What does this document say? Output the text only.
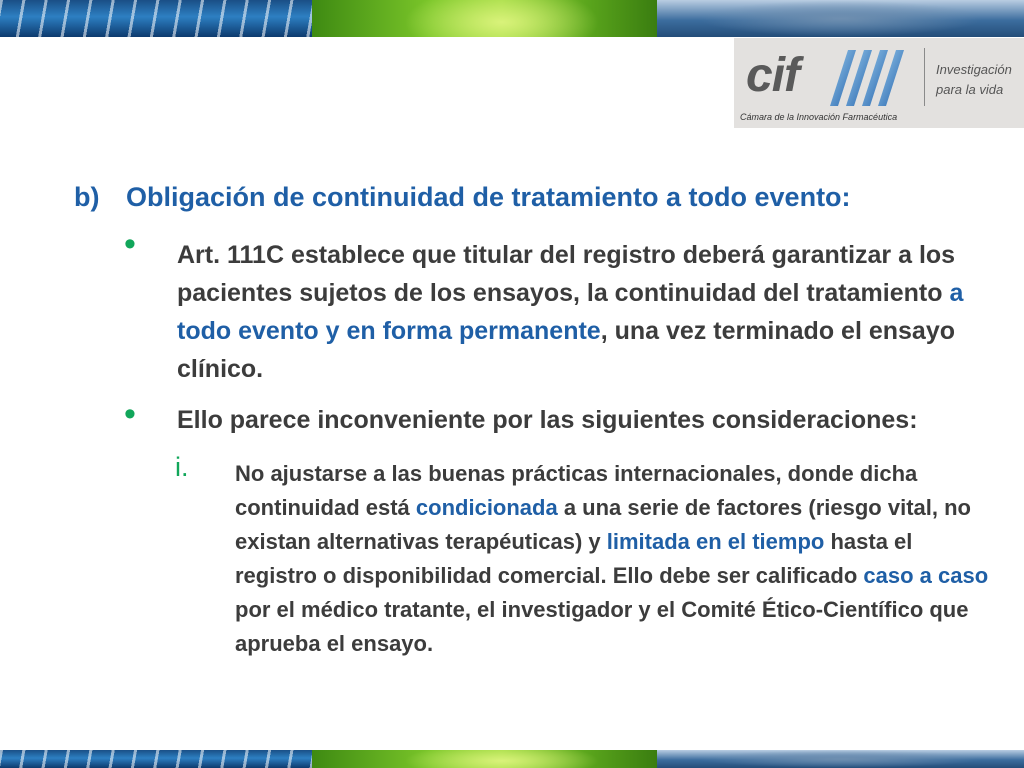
cif	Investigación
para la vida
Cámara de la Innovación Farmacéutica
b) Obligación de continuidad de tratamiento a todo evento:
• Art. 111C establece que titular del registro deberá garantizar a los pacientes sujetos de los ensayos, la continuidad del tratamiento a todo evento y en forma permanente, una vez terminado el ensayo clínico.
• Ello parece inconveniente por las siguientes consideraciones:
i. No ajustarse a las buenas prácticas internacionales, donde dicha continuidad está condicionada a una serie de factores (riesgo vital, no existan alternativas terapéuticas) y limitada en el tiempo hasta el registro o disponibilidad comercial. Ello debe ser calificado caso a caso por el médico tratante, el investigador y el Comité Ético-Científico que aprueba el ensayo.
